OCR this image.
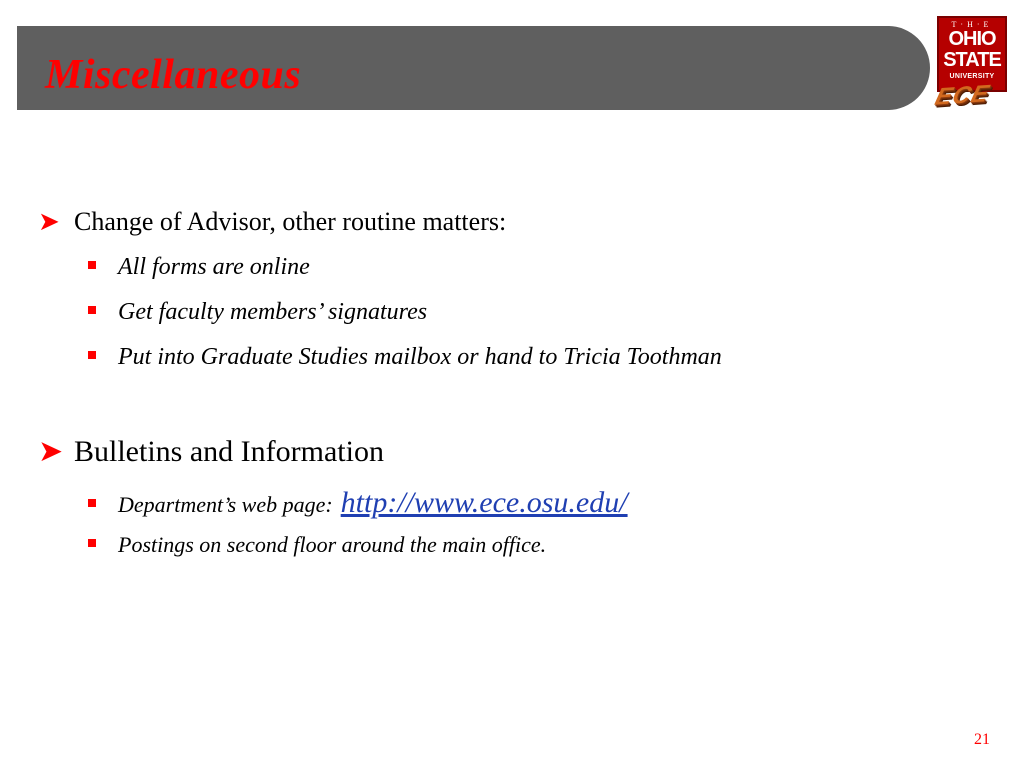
Miscellaneous
T·H·E
OHIO
STATE
UNIVERSITY
ECE
➤ Change of Advisor, other routine matters:
All forms are online
Get faculty members’ signatures
Put into Graduate Studies mailbox or hand to Tricia Toothman
➤ Bulletins and Information
Department’s web page: http://www.ece.osu.edu/
Postings on second floor around the main office.
21
